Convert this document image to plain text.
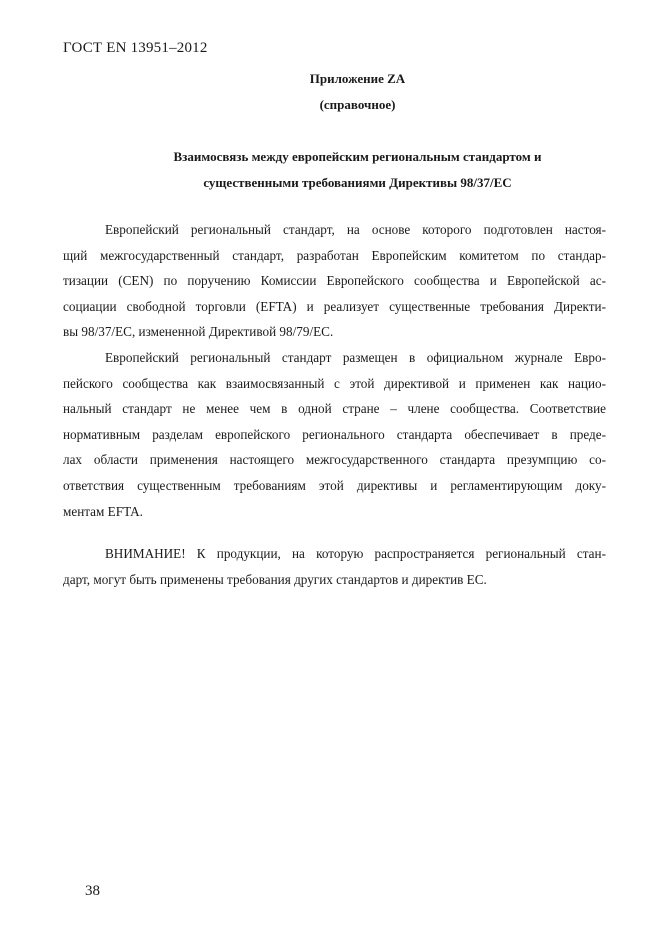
ГОСТ EN 13951–2012

Приложение ZA

(справочное)

Взаимосвязь между европейским региональным стандартом и

существенными требованиями Директивы 98/37/ЕС

Европейский региональный стандарт, на основе которого подготовлен настоя-
щий межгосударственный стандарт, разработан Европейским комитетом по стандар-
тизации (CEN) по поручению Комиссии Европейского сообщества и Европейской ас-
социации свободной торговли (EFTA) и реализует существенные требования Директи-
вы 98/37/ЕС, измененной Директивой 98/79/ЕС.
Европейский региональный стандарт размещен в официальном журнале Евро-
пейского сообщества как взаимосвязанный с этой директивой и применен как нацио-
нальный стандарт не менее чем в одной стране – члене сообщества. Соответствие
нормативным разделам европейского регионального стандарта обеспечивает в преде-
лах области применения настоящего межгосударственного стандарта презумпцию со-
ответствия существенным требованиям этой директивы и регламентирующим доку-
ментам EFTA.
ВНИМАНИЕ! К продукции, на которую распространяется региональный стан-
дарт, могут быть применены требования других стандартов и директив ЕС.

38
